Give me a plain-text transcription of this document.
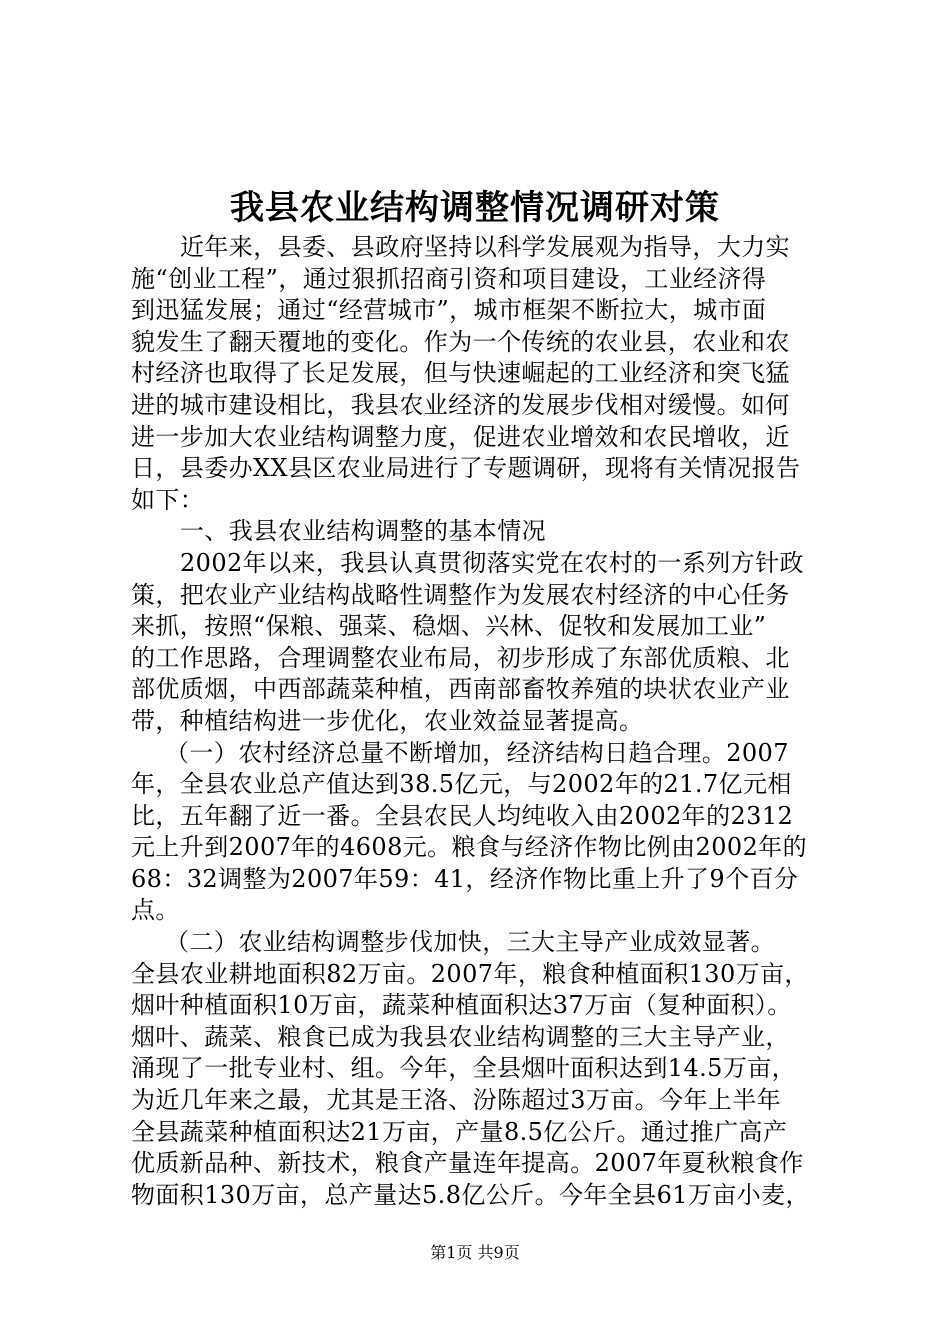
我县农业结构调整情况调研对策
近年来，县委、县政府坚持以科学发展观为指导，大力实
施“创业工程”，通过狠抓招商引资和项目建设，工业经济得
到迅猛发展；通过“经营城市”，城市框架不断拉大，城市面
貌发生了翻天覆地的变化。作为一个传统的农业县，农业和农
村经济也取得了长足发展，但与快速崛起的工业经济和突飞猛
进的城市建设相比，我县农业经济的发展步伐相对缓慢。如何
进一步加大农业结构调整力度，促进农业增效和农民增收，近
日，县委办XX县区农业局进行了专题调研，现将有关情况报告
如下：
一、我县农业结构调整的基本情况
2002年以来，我县认真贯彻落实党在农村的一系列方针政
策，把农业产业结构战略性调整作为发展农村经济的中心任务
来抓，按照“保粮、强菜、稳烟、兴林、促牧和发展加工业”
的工作思路，合理调整农业布局，初步形成了东部优质粮、北
部优质烟，中西部蔬菜种植，西南部畜牧养殖的块状农业产业
带，种植结构进一步优化，农业效益显著提高。
（一）农村经济总量不断增加，经济结构日趋合理。2007
年，全县农业总产值达到38.5亿元，与2002年的21.7亿元相
比，五年翻了近一番。全县农民人均纯收入由2002年的2312
元上升到2007年的4608元。粮食与经济作物比例由2002年的
68：32调整为2007年59：41，经济作物比重上升了9个百分
点。
（二）农业结构调整步伐加快，三大主导产业成效显著。
全县农业耕地面积82万亩。2007年，粮食种植面积130万亩，
烟叶种植面积10万亩，蔬菜种植面积达37万亩（复种面积）。
烟叶、蔬菜、粮食已成为我县农业结构调整的三大主导产业，
涌现了一批专业村、组。今年，全县烟叶面积达到14.5万亩，
为近几年来之最，尤其是王洛、汾陈超过3万亩。今年上半年
全县蔬菜种植面积达21万亩，产量8.5亿公斤。通过推广高产
优质新品种、新技术，粮食产量连年提高。2007年夏秋粮食作
物面积130万亩，总产量达5.8亿公斤。今年全县61万亩小麦，
第1页 共9页
